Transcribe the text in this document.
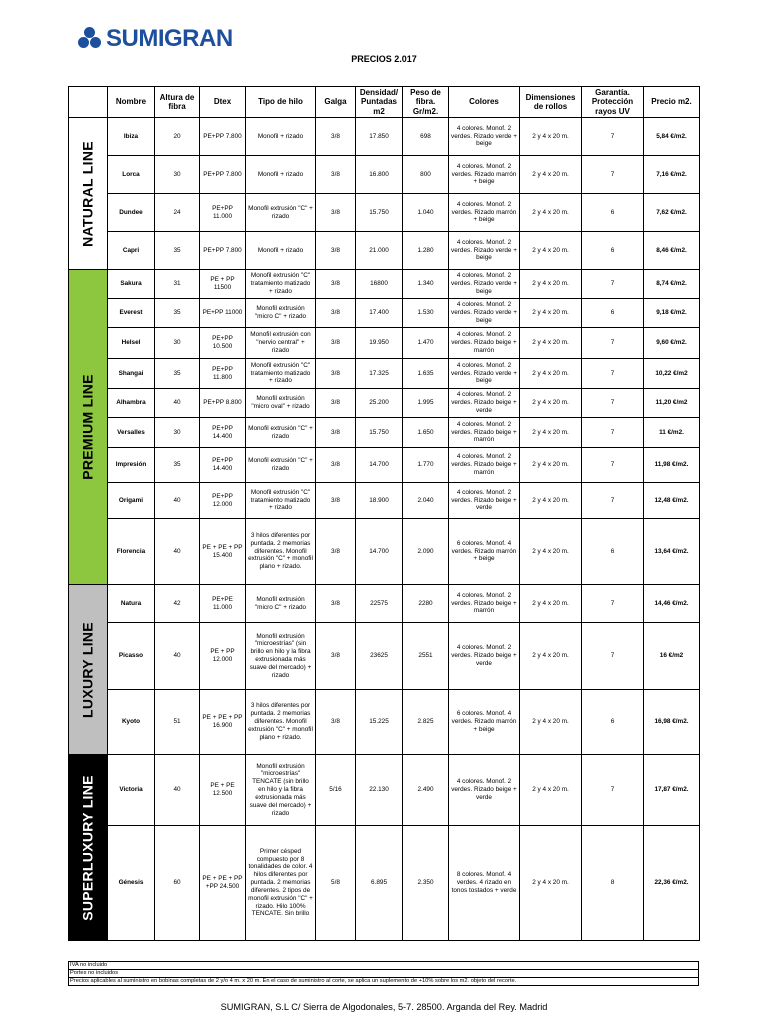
SUMIGRAN
PRECIOS 2.017
	Nombre	Altura de fibra	Dtex	Tipo de hilo	Galga	Densidad/ Puntadas m2	Peso de fibra. Gr/m2.	Colores	Dimensiones de rollos	Garantía. Protección rayos UV	Precio m2.

NATURAL LINE	Ibiza	20	PE+PP 7.800	Monofil + rizado	3/8	17.850	698	4 colores. Monof. 2 verdes. Rizado verde + beige	2 y 4 x 20 m.	7	5,84 €/m2.
	Lorca	30	PE+PP 7.800	Monofil + rizado	3/8	16.800	800	4 colores. Monof. 2 verdes. Rizado marrón + beige	2 y 4 x 20 m.	7	7,16 €/m2.
	Dundee	24	PE+PP 11.000	Monofil extrusión "C" + rizado	3/8	15.750	1.040	4 colores. Monof. 2 verdes. Rizado marrón + beige	2 y 4 x 20 m.	6	7,62 €/m2.
	Capri	35	PE+PP 7.800	Monofil + rizado	3/8	21.000	1.280	4 colores. Monof. 2 verdes. Rizado verde + beige	2 y 4 x 20 m.	6	8,46 €/m2.

PREMIUM LINE	Sakura	31	PE + PP 11500	Monofil extrusión "C" tratamiento matizado + rizado	3/8	16800	1.340	4 colores. Monof. 2 verdes. Rizado verde + beige	2 y 4 x 20 m.	7	8,74 €/m2.
	Everest	35	PE+PP 11000	Monofil extrusión "micro C" + rizado	3/8	17.400	1.530	4 colores. Monof. 2 verdes. Rizado verde + beige	2 y 4 x 20 m.	6	9,18 €/m2.
	Helsel	30	PE+PP 10.500	Monofil extrusión con "nervio central" + rizado	3/8	19.950	1.470	4 colores. Monof. 2 verdes. Rizado beige + marrón	2 y 4 x 20 m.	7	9,60 €/m2.
	Shangai	35	PE+PP 11.800	Monofil extrusión "C" tratamiento matizado + rizado	3/8	17.325	1.635	4 colores. Monof. 2 verdes. Rizado verde + beige	2 y 4 x 20 m.	7	10,22 €/m2
	Alhambra	40	PE+PP 8.800	Monofil extrusión "micro oval" + rizado	3/8	25.200	1.995	4 colores. Monof. 2 verdes. Rizado beige + verde	2 y 4 x 20 m.	7	11,20 €/m2
	Versalles	30	PE+PP 14.400	Monofil extrusión "C" + rizado	3/8	15.750	1.650	4 colores. Monof. 2 verdes. Rizado beige + marrón	2 y 4 x 20 m.	7	11 €/m2.
	Impresión	35	PE+PP 14.400	Monofil extrusión "C" + rizado	3/8	14.700	1.770	4 colores. Monof. 2 verdes. Rizado beige + marrón	2 y 4 x 20 m.	7	11,98 €/m2.
	Origami	40	PE+PP 12.000	Monofil extrusión "C" tratamiento matizado + rizado	3/8	18.900	2.040	4 colores. Monof. 2 verdes. Rizado beige + verde	2 y 4 x 20 m.	7	12,48 €/m2.
	Florencia	40	PE + PE + PP 15.400	3 hilos diferentes por puntada. 2 memorias diferentes. Monofil extrusión "C" + monofil plano + rizado.	3/8	14.700	2.090	6 colores. Monof. 4 verdes. Rizado marrón + beige	2 y 4 x 20 m.	6	13,64 €/m2.

LUXURY LINE	Natura	42	PE+PE 11.000	Monofil extrusión "micro C" + rizado	3/8	22575	2280	4 colores. Monof. 2 verdes. Rizado beige + marrón	2 y 4 x 20 m.	7	14,46 €/m2.
	Picasso	40	PE + PP 12.000	Monofil extrusión "microestrías" (sin brillo en hilo y la fibra extrusionada más suave del mercado) + rizado	3/8	23625	2551	4 colores. Monof. 2 verdes. Rizado beige + verde	2 y 4 x 20 m.	7	16 €/m2
	Kyoto	51	PE + PE + PP 16.900	3 hilos diferentes por puntada. 2 memorias diferentes. Monofil extrusión "C" + monofil plano + rizado.	3/8	15.225	2.825	6 colores. Monof. 4 verdes. Rizado marrón + beige	2 y 4 x 20 m.	6	16,98 €/m2.

SUPERLUXURY LINE	Victoria	40	PE + PE 12.500	Monofil extrusión "microestrías" TENCATE (sin brillo en hilo y la fibra extrusionada más suave del mercado) + rizado	5/16	22.130	2.490	4 colores. Monof. 2 verdes. Rizado beige + verde	2 y 4 x 20 m.	7	17,87 €/m2.
	Génesis	60	PE + PE + PP +PP 24.500	Primer césped compuesto por 8 tonalidades de color. 4 hilos diferentes por puntada. 2 memorias diferentes. 2 tipos de monofil extrusión "C" + rizado. Hilo 100% TENCATE. Sin brillo	5/8	6.895	2.350	8 colores. Monof. 4 verdes. 4 rizado en tonos tostados + verde	2 y 4 x 20 m.	8	22,36 €/m2.
IVA no incluido
Portes no incluidos
Precios aplicables al suministro en bobinas completas de 2 y/o 4 m. x 20 m. En el caso de suministro al corte, se aplica un suplemento de +10% sobre los m2. objeto del recorte.
SUMIGRAN, S.L C/ Sierra de Algodonales, 5-7. 28500. Arganda del Rey. Madrid
